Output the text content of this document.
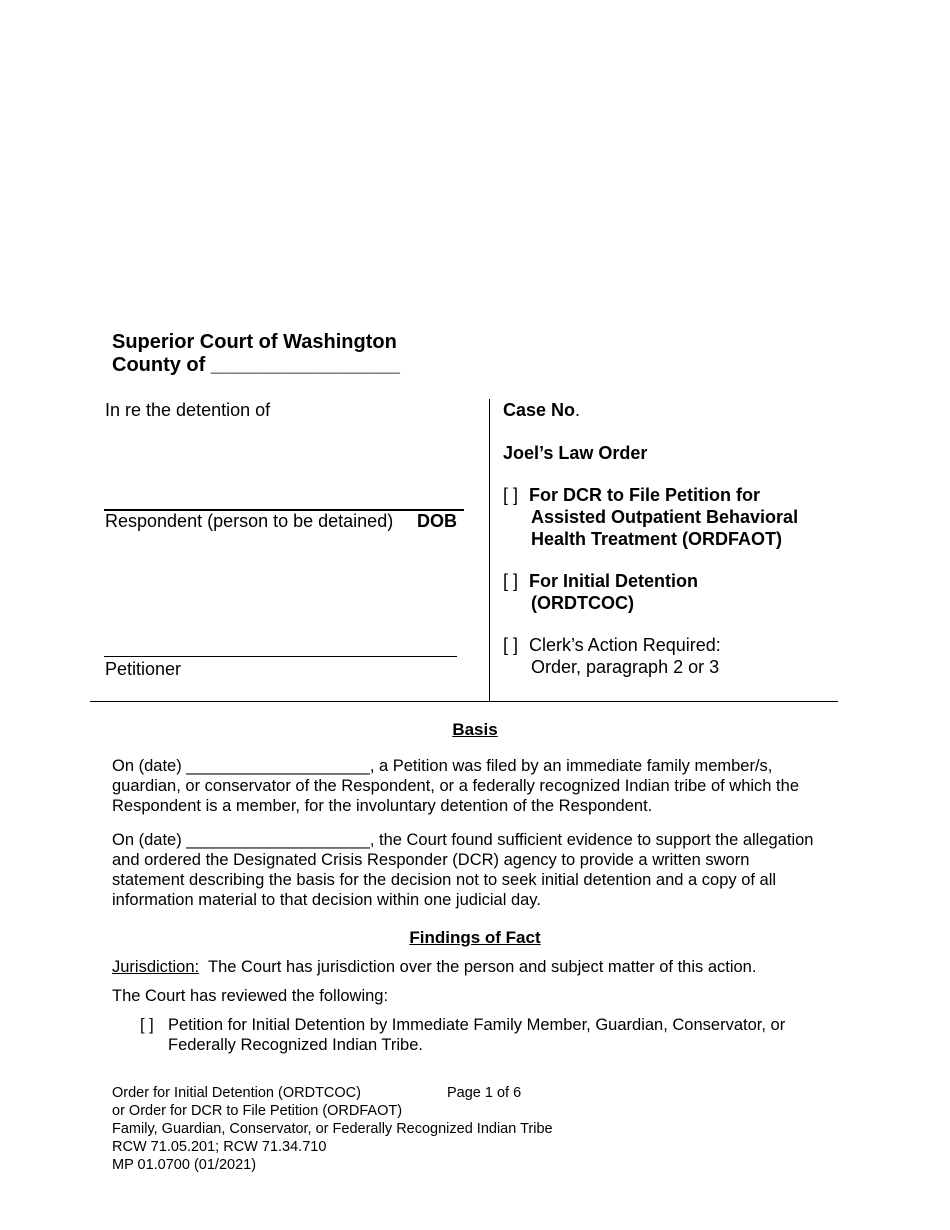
Superior Court of Washington
County of _________________
In re the detention of
Respondent (person to be detained) DOB
Petitioner
Case No.
Joel’s Law Order
[ ] For DCR to File Petition for
Assisted Outpatient Behavioral
Health Treatment (ORDFAOT)
[ ] For Initial Detention
(ORDTCOC)
[ ] Clerk’s Action Required:
Order, paragraph 2 or 3
Basis
On (date) ____________________, a Petition was filed by an immediate family member/s,
guardian, or conservator of the Respondent, or a federally recognized Indian tribe of which the
Respondent is a member, for the involuntary detention of the Respondent.
On (date) ____________________, the Court found sufficient evidence to support the allegation
and ordered the Designated Crisis Responder (DCR) agency to provide a written sworn
statement describing the basis for the decision not to seek initial detention and a copy of all
information material to that decision within one judicial day.
Findings of Fact
Jurisdiction:  The Court has jurisdiction over the person and subject matter of this action.
The Court has reviewed the following:
[ ] Petition for Initial Detention by Immediate Family Member, Guardian, Conservator, or
Federally Recognized Indian Tribe.
Order for Initial Detention (ORDTCOC)	Page 1 of 6
or Order for DCR to File Petition (ORDFAOT)
Family, Guardian, Conservator, or Federally Recognized Indian Tribe
RCW 71.05.201; RCW 71.34.710
MP 01.0700 (01/2021)
